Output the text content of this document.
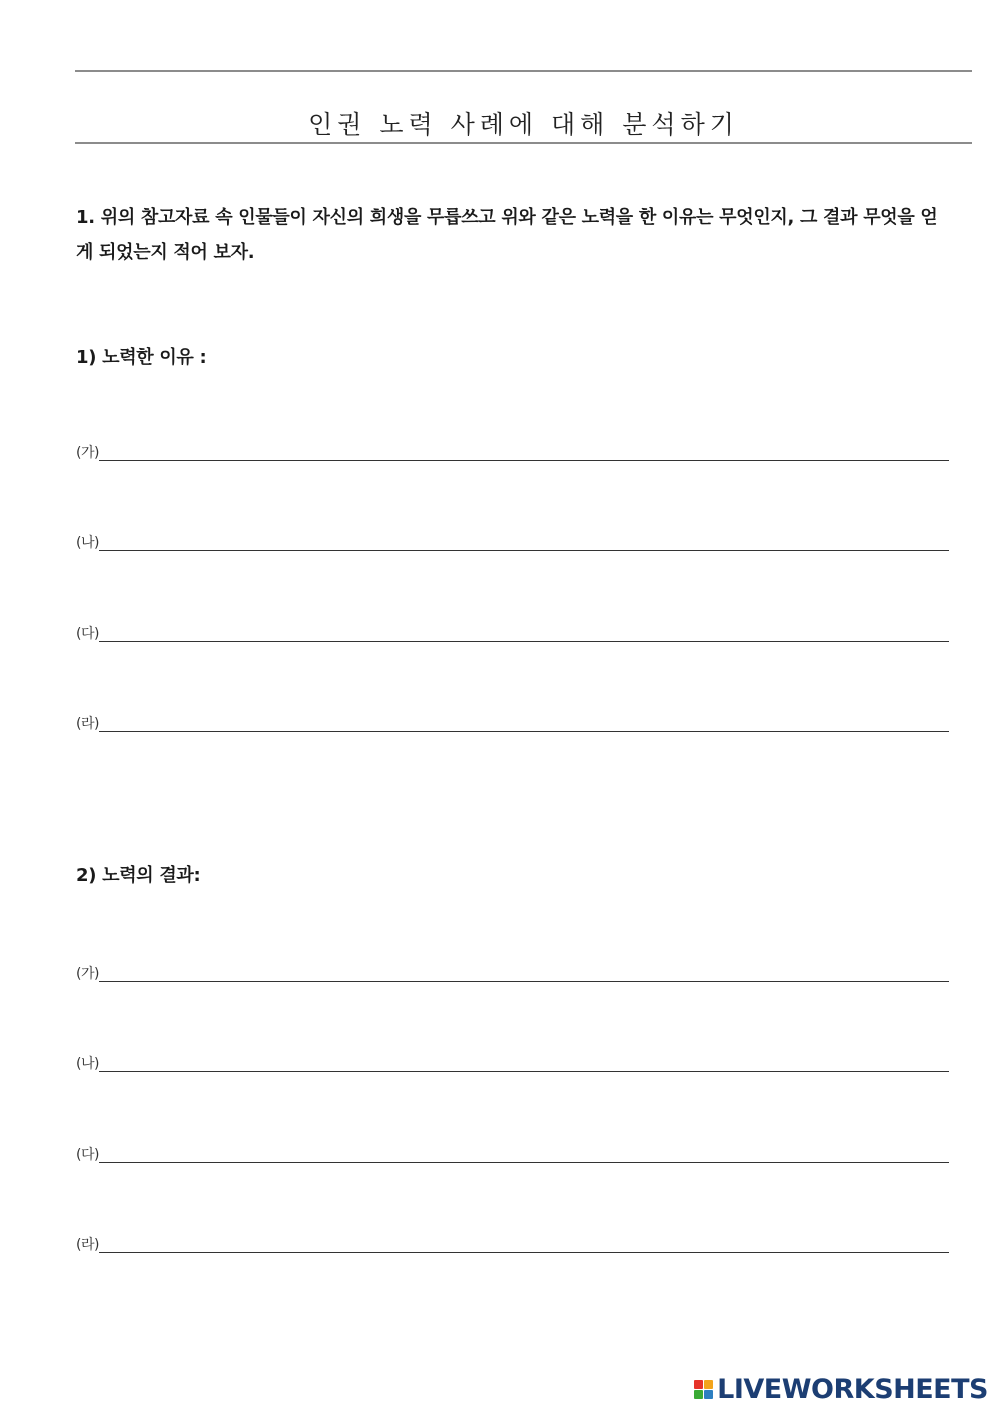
인권 노력 사례에 대해 분석하기

1. 위의 참고자료 속 인물들이 자신의 희생을 무릅쓰고 위와 같은 노력을 한 이유는 무엇인지, 그 결과 무엇을 얻게 되었는지 적어 보자.

1) 노력한 이유 :

(가)
(나)
(다)
(라)

2) 노력의 결과:

(가)
(나)
(다)
(라)
LIVEWORKSHEETS
